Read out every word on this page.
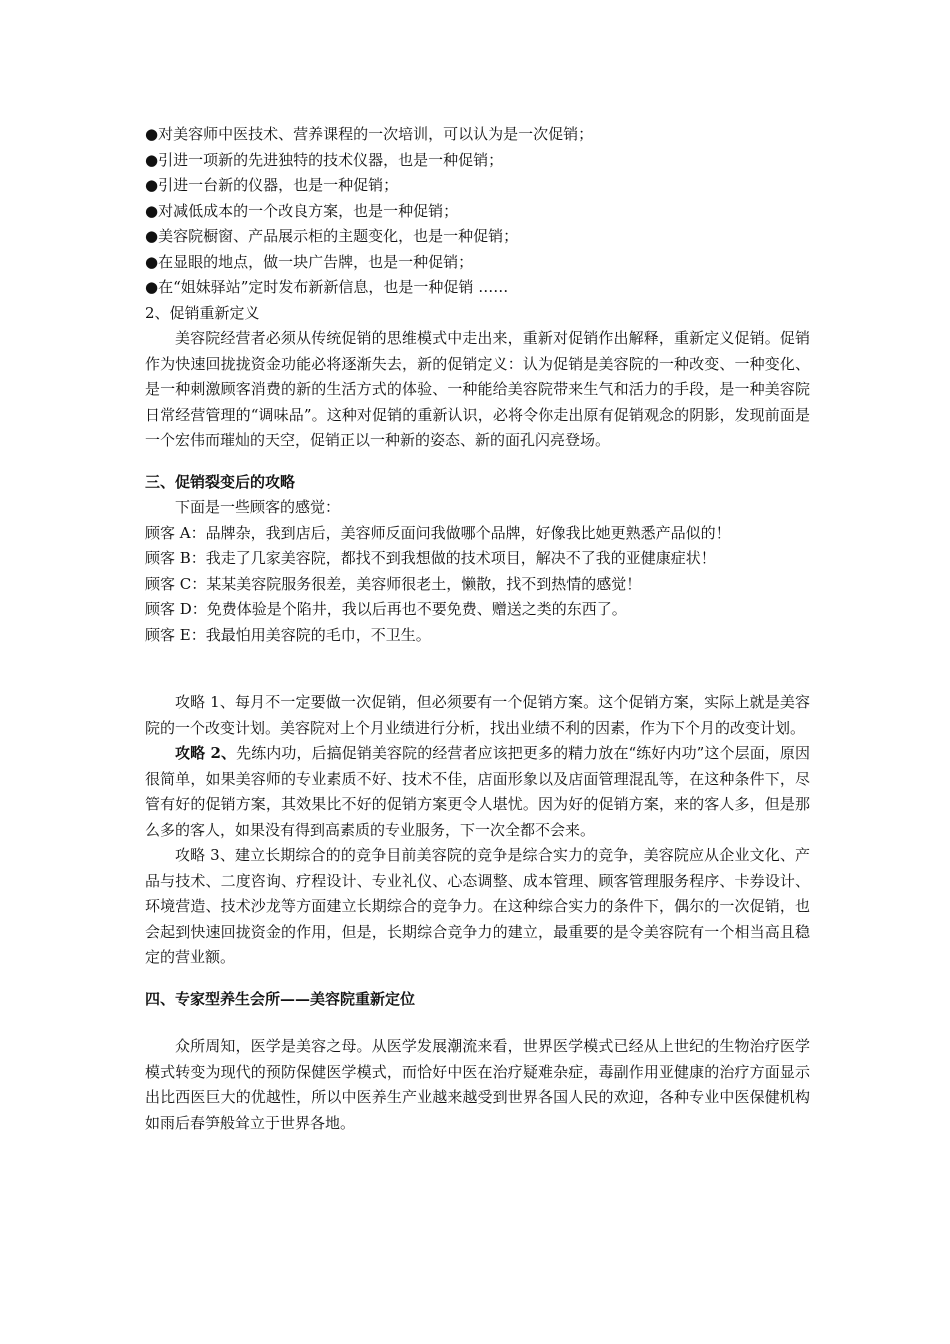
●对美容师中医技术、营养课程的一次培训，可以认为是一次促销；
●引进一项新的先进独特的技术仪器，也是一种促销；
●引进一台新的仪器，也是一种促销；
●对减低成本的一个改良方案，也是一种促销；
●美容院橱窗、产品展示柜的主题变化，也是一种促销；
●在显眼的地点，做一块广告牌，也是一种促销；
●在“姐妹驿站”定时发布新新信息，也是一种促销 ……
2、促销重新定义

美容院经营者必须从传统促销的思维模式中走出来，重新对促销作出解释，重新定义促销。促销作为快速回拢拢资金功能必将逐渐失去，新的促销定义：认为促销是美容院的一种改变、一种变化、是一种刺激顾客消费的新的生活方式的体验、一种能给美容院带来生气和活力的手段，是一种美容院日常经营管理的“调味品”。这种对促销的重新认识，必将令你走出原有促销观念的阴影，发现前面是一个宏伟而璀灿的天空，促销正以一种新的姿态、新的面孔闪亮登场。

三、促销裂变后的攻略
下面是一些顾客的感觉：
顾客 A：品牌杂，我到店后，美容师反面问我做哪个品牌，好像我比她更熟悉产品似的！
顾客 B：我走了几家美容院，都找不到我想做的技术项目，解决不了我的亚健康症状！
顾客 C：某某美容院服务很差，美容师很老土，懒散，找不到热情的感觉！
顾客 D：免费体验是个陷井，我以后再也不要免费、赠送之类的东西了。
顾客 E：我最怕用美容院的毛巾，不卫生。

攻略 1、每月不一定要做一次促销，但必须要有一个促销方案。这个促销方案，实际上就是美容院的一个改变计划。美容院对上个月业绩进行分析，找出业绩不利的因素，作为下个月的改变计划。

攻略 2、先练内功，后搞促销美容院的经营者应该把更多的精力放在“练好内功”这个层面，原因很简单，如果美容师的专业素质不好、技术不佳，店面形象以及店面管理混乱等，在这种条件下，尽管有好的促销方案，其效果比不好的促销方案更令人堪忧。因为好的促销方案，来的客人多，但是那么多的客人，如果没有得到高素质的专业服务，下一次全都不会来。

攻略 3、建立长期综合的的竞争目前美容院的竞争是综合实力的竞争，美容院应从企业文化、产品与技术、二度咨询、疗程设计、专业礼仪、心态调整、成本管理、顾客管理服务程序、卡券设计、环境营造、技术沙龙等方面建立长期综合的竞争力。在这种综合实力的条件下，偶尔的一次促销，也会起到快速回拢资金的作用，但是，长期综合竞争力的建立，最重要的是令美容院有一个相当高且稳定的营业额。

四、专家型养生会所——美容院重新定位

众所周知，医学是美容之母。从医学发展潮流来看，世界医学模式已经从上世纪的生物治疗医学模式转变为现代的预防保健医学模式，而恰好中医在治疗疑难杂症，毒副作用亚健康的治疗方面显示出比西医巨大的优越性，所以中医养生产业越来越受到世界各国人民的欢迎，各种专业中医保健机构如雨后春笋般耸立于世界各地。
